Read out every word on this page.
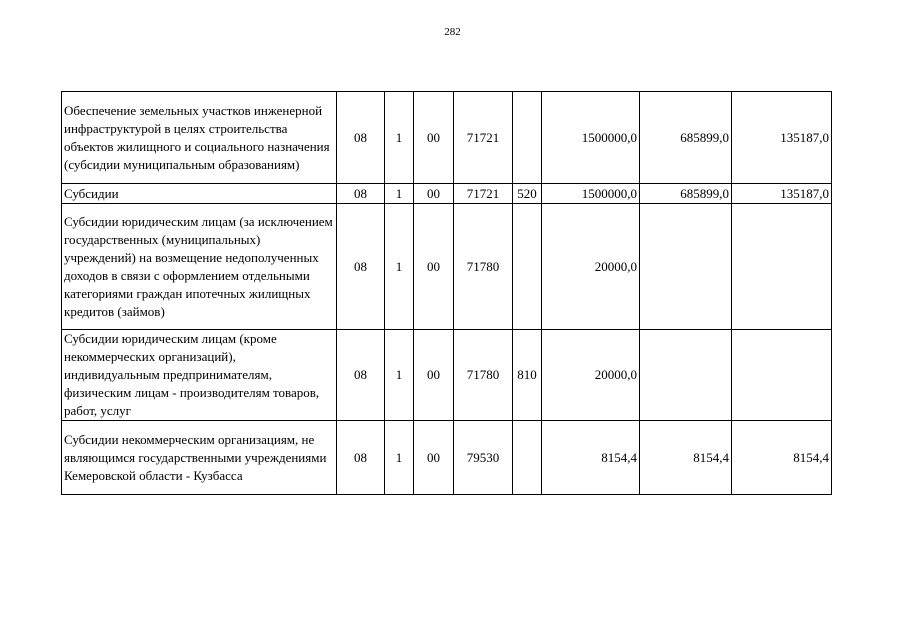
282
Обеспечение земельных участков инженерной инфраструктурой в целях строительства объектов жилищного и социального назначения (субсидии муниципальным образованиям)	08	1	00	71721		1500000,0	685899,0	135187,0
Субсидии	08	1	00	71721	520	1500000,0	685899,0	135187,0
Субсидии юридическим лицам (за исключением государственных (муниципальных) учреждений) на возмещение недополученных доходов в связи с оформлением отдельными категориями граждан ипотечных жилищных кредитов (займов)	08	1	00	71780		20000,0		
Субсидии юридическим лицам (кроме некоммерческих организаций), индивидуальным предпринимателям, физическим лицам - производителям товаров, работ, услуг	08	1	00	71780	810	20000,0		
Субсидии некоммерческим организациям, не являющимся государственными учреждениями Кемеровской области - Кузбасса	08	1	00	79530		8154,4	8154,4	8154,4
